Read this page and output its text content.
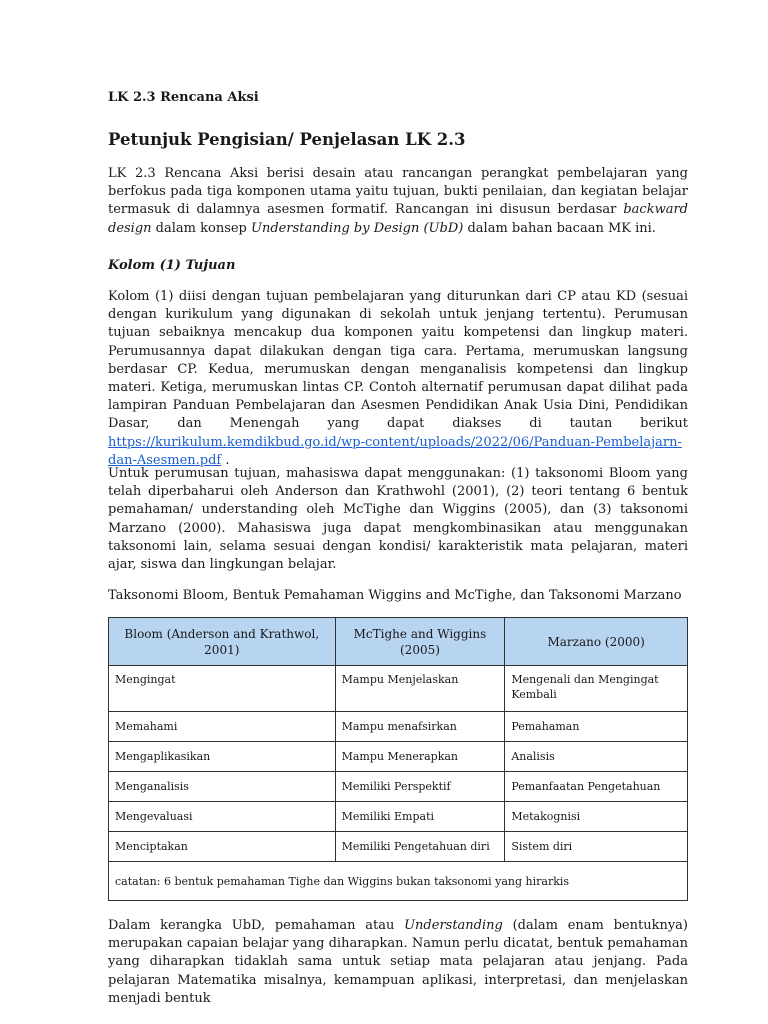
LK 2.3 Rencana Aksi
Petunjuk Pengisian/ Penjelasan LK 2.3

LK 2.3 Rencana Aksi berisi desain atau rancangan perangkat pembelajaran yang berfokus pada tiga komponen utama yaitu tujuan, bukti penilaian, dan kegiatan belajar termasuk di dalamnya asesmen formatif. Rancangan ini disusun berdasar backward design dalam konsep Understanding by Design (UbD) dalam bahan bacaan MK ini.

Kolom (1) Tujuan

Kolom (1) diisi dengan tujuan pembelajaran yang diturunkan dari CP atau KD (sesuai dengan kurikulum yang digunakan di sekolah untuk jenjang tertentu). Perumusan tujuan sebaiknya mencakup dua komponen yaitu kompetensi dan lingkup materi. Perumusannya dapat dilakukan dengan tiga cara. Pertama, merumuskan langsung berdasar CP. Kedua, merumuskan dengan menganalisis kompetensi dan lingkup materi. Ketiga, merumuskan lintas CP. Contoh alternatif perumusan dapat dilihat pada lampiran Panduan Pembelajaran dan Asesmen Pendidikan Anak Usia Dini, Pendidikan Dasar, dan Menengah yang dapat diakses di tautan berikut https://kurikulum.kemdikbud.go.id/wp-content/uploads/2022/06/Panduan-Pembelajarn-dan-Asesmen.pdf .

Untuk perumusan tujuan, mahasiswa dapat menggunakan: (1) taksonomi Bloom yang telah diperbaharui oleh Anderson dan Krathwohl (2001), (2) teori tentang 6 bentuk pemahaman/ understanding oleh McTighe dan Wiggins (2005), dan (3) taksonomi Marzano (2000). Mahasiswa juga dapat mengkombinasikan atau menggunakan taksonomi lain, selama sesuai dengan kondisi/ karakteristik mata pelajaran, materi ajar, siswa dan lingkungan belajar.

Taksonomi Bloom, Bentuk Pemahaman Wiggins and McTighe, dan Taksonomi Marzano
Bloom (Anderson and Krathwol, 2001)	McTighe and Wiggins (2005)	Marzano (2000)
Mengingat	Mampu Menjelaskan	Mengenali dan Mengingat Kembali
Memahami	Mampu menafsirkan	Pemahaman
Mengaplikasikan	Mampu Menerapkan	Analisis
Menganalisis	Memiliki Perspektif	Pemanfaatan Pengetahuan
Mengevaluasi	Memiliki Empati	Metakognisi
Menciptakan	Memiliki Pengetahuan diri	Sistem diri
catatan: 6 bentuk pemahaman Tighe dan Wiggins bukan taksonomi yang hirarkis		

Dalam kerangka UbD, pemahaman atau Understanding (dalam enam bentuknya) merupakan capaian belajar yang diharapkan. Namun perlu dicatat, bentuk pemahaman yang diharapkan tidaklah sama untuk setiap mata pelajaran atau jenjang. Pada pelajaran Matematika misalnya, kemampuan aplikasi, interpretasi, dan menjelaskan menjadi bentuk
